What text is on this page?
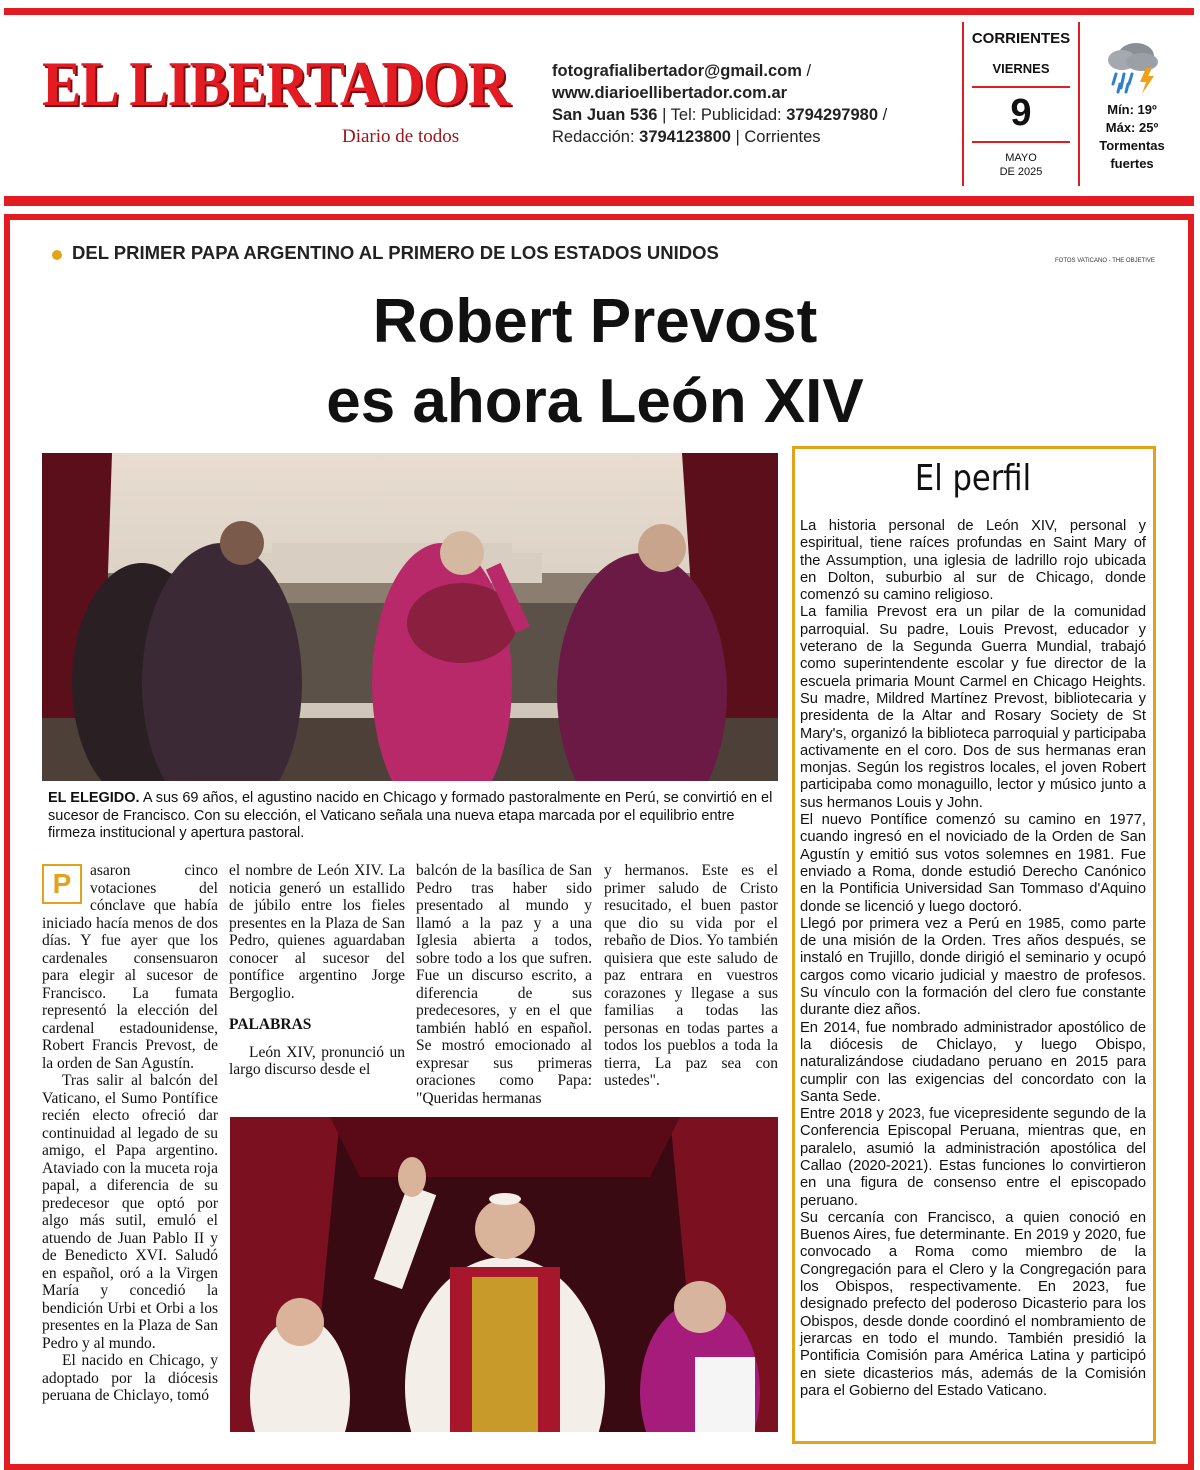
EL LIBERTADOR
Diario de todos
fotografialibertador@gmail.com /
www.diarioellibertador.com.ar
San Juan 536 | Tel: Publicidad: 3794297980 /
Redacción: 3794123800 | Corrientes
CORRIENTES
VIERNES
9
MAYO
DE 2025
Mín: 19º
Máx: 25º
Tormentas
fuertes
DEL PRIMER PAPA ARGENTINO AL PRIMERO DE LOS ESTADOS UNIDOS	FOTOS VATICANO - THE OBJETIVE
Robert Prevost
es ahora León XIV
EL ELEGIDO. A sus 69 años, el agustino nacido en Chicago y formado pastoralmente en Perú, se convirtió en el sucesor de Francisco. Con su elección, el Vaticano señala una nueva etapa marcada por el equilibrio entre firmeza institucional y apertura pastoral.
P	asaron cinco votaciones del cónclave que había iniciado hacía menos de dos días. Y fue ayer que los cardenales consensuaron para elegir al sucesor de Francisco. La fumata representó la elección del cardenal estadounidense, Robert Francis Prevost, de la orden de San Agustín.

Tras salir al balcón del Vaticano, el Sumo Pontífice recién electo ofreció dar continuidad al legado de su amigo, el Papa argentino. Ataviado con la muceta roja papal, a diferencia de su predecesor que optó por algo más sutil, emuló el atuendo de Juan Pablo II y de Benedicto XVI. Saludó en español, oró a la Virgen María y concedió la bendición Urbi et Orbi a los presentes en la Plaza de San Pedro y al mundo.

El nacido en Chicago, y adoptado por la diócesis peruana de Chiclayo, tomó

el nombre de León XIV. La noticia generó un estallido de júbilo entre los fieles presentes en la Plaza de San Pedro, quienes aguardaban conocer al sucesor del pontífice argentino Jorge Bergoglio.

PALABRAS

León XIV, pronunció un largo discurso desde el

balcón de la basílica de San Pedro tras haber sido presentado al mundo y llamó a la paz y a una Iglesia abierta a todos, sobre todo a los que sufren. Fue un discurso escrito, a diferencia de sus predecesores, y en el que también habló en español. Se mostró emocionado al expresar sus primeras oraciones como Papa: "Queridas hermanas

y hermanos. Este es el primer saludo de Cristo resucitado, el buen pastor que dio su vida por el rebaño de Dios. Yo también quisiera que este saludo de paz entrara en vuestros corazones y llegase a sus familias a todas las personas en todas partes a todos los pueblos a toda la tierra, La paz sea con ustedes".

El perfil

La historia personal de León XIV, personal y espiritual, tiene raíces profundas en Saint Mary of the Assumption, una iglesia de ladrillo rojo ubicada en Dolton, suburbio al sur de Chicago, donde comenzó su camino religioso.

La familia Prevost era un pilar de la comunidad parroquial. Su padre, Louis Prevost, educador y veterano de la Segunda Guerra Mundial, trabajó como superintendente escolar y fue director de la escuela primaria Mount Carmel en Chicago Heights. Su madre, Mildred Martínez Prevost, bibliotecaria y presidenta de la Altar and Rosary Society de St Mary's, organizó la biblioteca parroquial y participaba activamente en el coro. Dos de sus hermanas eran monjas. Según los registros locales, el joven Robert participaba como monaguillo, lector y músico junto a sus hermanos Louis y John.

El nuevo Pontífice comenzó su camino en 1977, cuando ingresó en el noviciado de la Orden de San Agustín y emitió sus votos solemnes en 1981. Fue enviado a Roma, donde estudió Derecho Canónico en la Pontificia Universidad San Tommaso d'Aquino donde se licenció y luego doctoró.

Llegó por primera vez a Perú en 1985, como parte de una misión de la Orden. Tres años después, se instaló en Trujillo, donde dirigió el seminario y ocupó cargos como vicario judicial y maestro de profesos. Su vínculo con la formación del clero fue constante durante diez años.

En 2014, fue nombrado administrador apostólico de la diócesis de Chiclayo, y luego Obispo, naturalizándose ciudadano peruano en 2015 para cumplir con las exigencias del concordato con la Santa Sede.

Entre 2018 y 2023, fue vicepresidente segundo de la Conferencia Episcopal Peruana, mientras que, en paralelo, asumió la administración apostólica del Callao (2020-2021). Estas funciones lo convirtieron en una figura de consenso entre el episcopado peruano.

Su cercanía con Francisco, a quien conoció en Buenos Aires, fue determinante. En 2019 y 2020, fue convocado a Roma como miembro de la Congregación para el Clero y la Congregación para los Obispos, respectivamente. En 2023, fue designado prefecto del poderoso Dicasterio para los Obispos, desde donde coordinó el nombramiento de jerarcas en todo el mundo. También presidió la Pontificia Comisión para América Latina y participó en siete dicasterios más, además de la Comisión para el Gobierno del Estado Vaticano.
